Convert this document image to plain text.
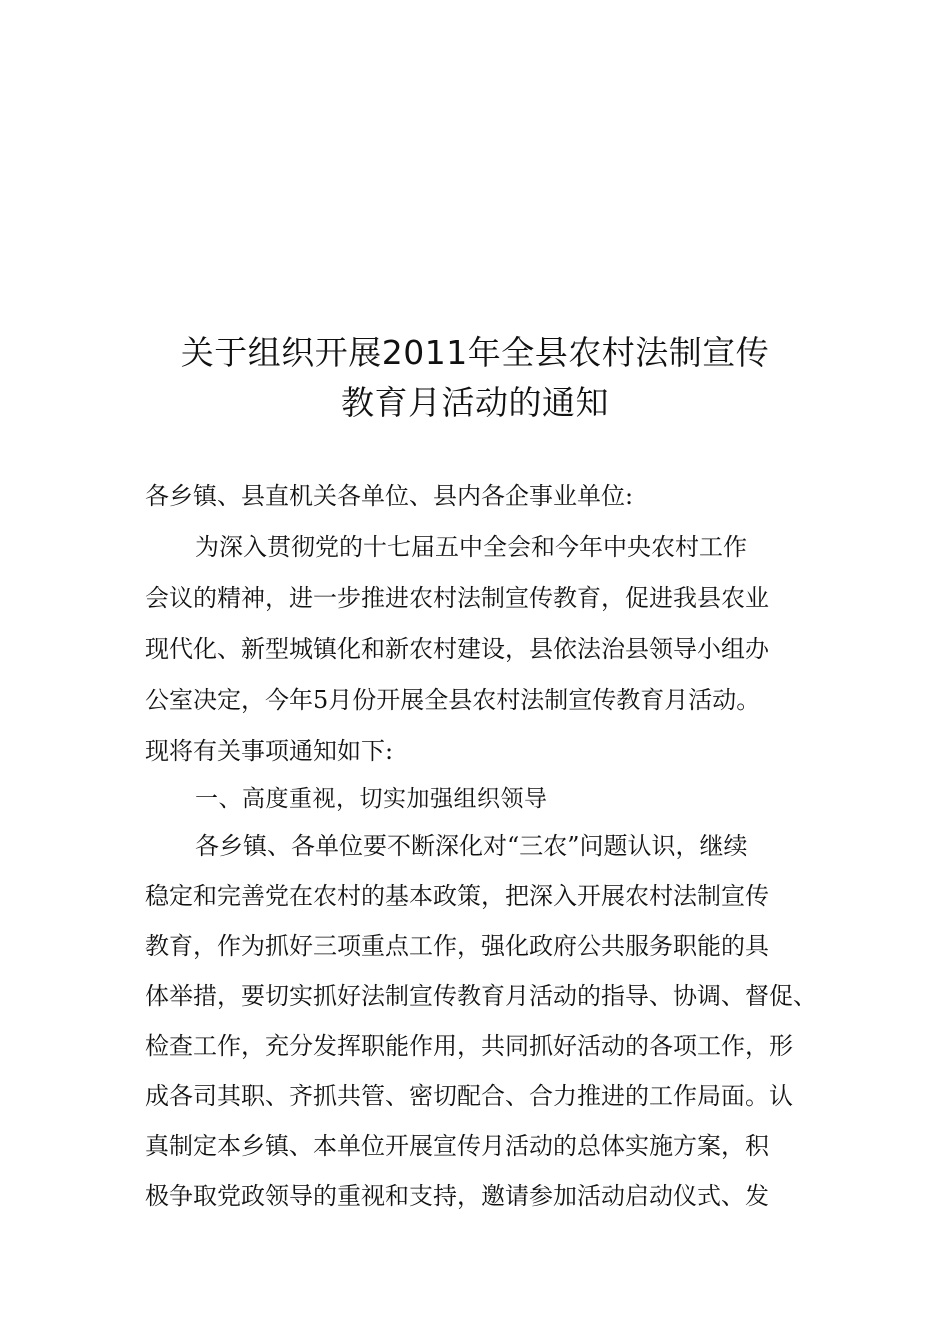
关于组织开展2011年全县农村法制宣传
教育月活动的通知
各乡镇、县直机关各单位、县内各企事业单位:
为深入贯彻党的十七届五中全会和今年中央农村工作
会议的精神，进一步推进农村法制宣传教育，促进我县农业
现代化、新型城镇化和新农村建设，县依法治县领导小组办
公室决定，今年5月份开展全县农村法制宣传教育月活动。
现将有关事项通知如下:
一、高度重视，切实加强组织领导
各乡镇、各单位要不断深化对“三农”问题认识，继续
稳定和完善党在农村的基本政策，把深入开展农村法制宣传
教育，作为抓好三项重点工作，强化政府公共服务职能的具
体举措，要切实抓好法制宣传教育月活动的指导、协调、督促、
检查工作，充分发挥职能作用，共同抓好活动的各项工作，形
成各司其职、齐抓共管、密切配合、合力推进的工作局面。认
真制定本乡镇、本单位开展宣传月活动的总体实施方案，积
极争取党政领导的重视和支持，邀请参加活动启动仪式、发
